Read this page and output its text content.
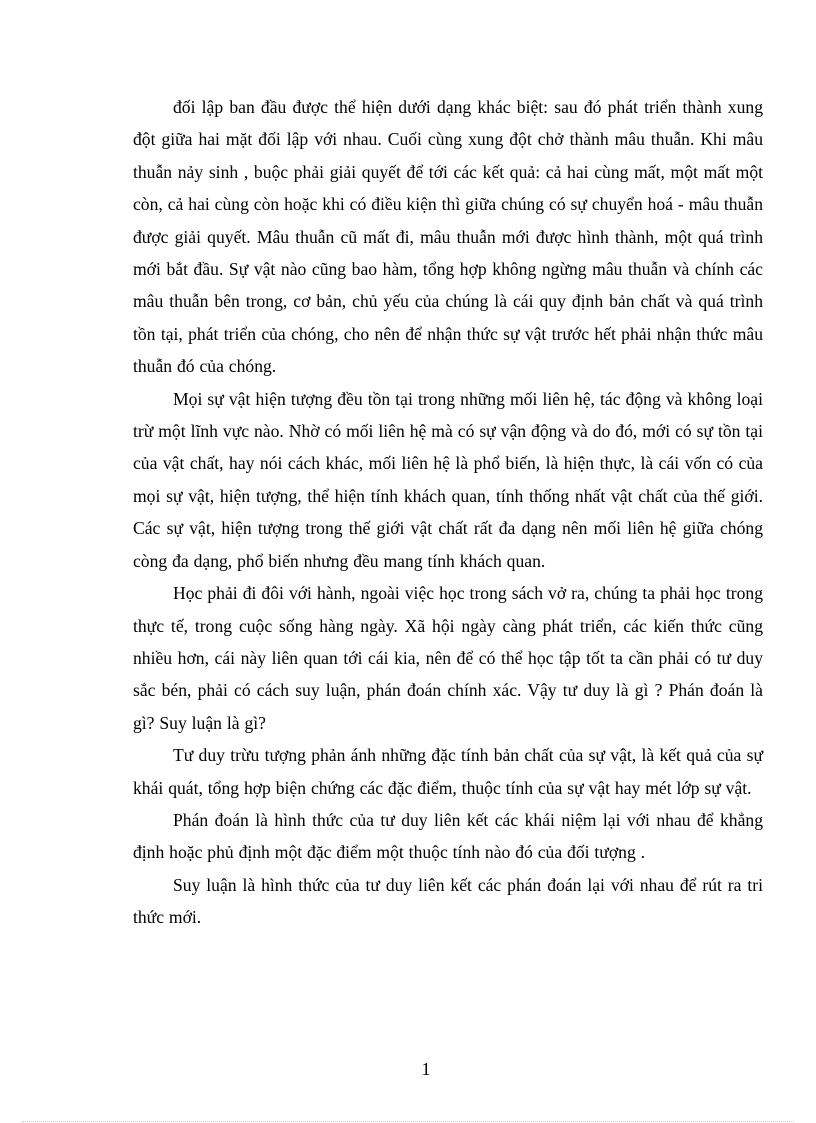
đối lập ban đầu được thể hiện dưới dạng khác biệt: sau đó phát triển thành xung đột giữa hai mặt đối lập với nhau. Cuối cùng xung đột chở thành mâu thuẫn. Khi mâu thuẫn nảy sinh , buộc phải giải quyết để tới các kết quả: cả hai cùng mất, một mất một còn, cả hai cùng còn hoặc khi có điều kiện thì giữa chúng có sự chuyển hoá - mâu thuẫn được giải quyết. Mâu thuẫn cũ mất đi, mâu thuẫn mới được hình thành, một quá trình mới bắt đầu. Sự vật nào cũng bao hàm, tổng hợp không ngừng mâu thuẫn và chính các mâu thuẫn bên trong, cơ bản, chủ yếu của chúng là cái quy định bản chất và quá trình tồn tại, phát triển của chóng, cho nên để nhận thức sự vật trước hết phải nhận thức mâu thuẫn đó của chóng.

Mọi sự vật hiện tượng đều tồn tại trong những mối liên hệ, tác động và không loại trừ một lĩnh vực nào. Nhờ có mối liên hệ mà có sự vận động và do đó, mới có sự tồn tại của vật chất, hay nói cách khác, mối liên hệ là phổ biến, là hiện thực, là cái vốn có của mọi sự vật, hiện tượng, thể hiện tính khách quan, tính thống nhất vật chất của thế giới. Các sự vật, hiện tượng trong thế giới vật chất rất đa dạng nên mối liên hệ giữa chóng còng đa dạng, phổ biến nhưng đều mang tính khách quan.

Học phải đi đôi với hành, ngoài việc học trong sách vở ra, chúng ta phải học trong thực tế, trong cuộc sống hàng ngày. Xã hội ngày càng phát triển, các kiến thức cũng nhiều hơn, cái này liên quan tới cái kia, nên để có thể học tập tốt ta cần phải có tư duy sắc bén, phải có cách suy luận, phán đoán chính xác. Vậy tư duy là gì ? Phán đoán là gì? Suy luận là gì?

Tư duy trừu tượng phản ánh những đặc tính bản chất của sự vật, là kết quả của sự khái quát, tổng hợp biện chứng các đặc điểm, thuộc tính của sự vật hay mét lớp sự vật.

Phán đoán là hình thức của tư duy liên kết các khái niệm lại với nhau để khẳng định hoặc phủ định một đặc điểm một thuộc tính nào đó của đối tượng .

Suy luận là hình thức của tư duy liên kết các phán đoán lại với nhau để rút ra tri thức mới.

1
